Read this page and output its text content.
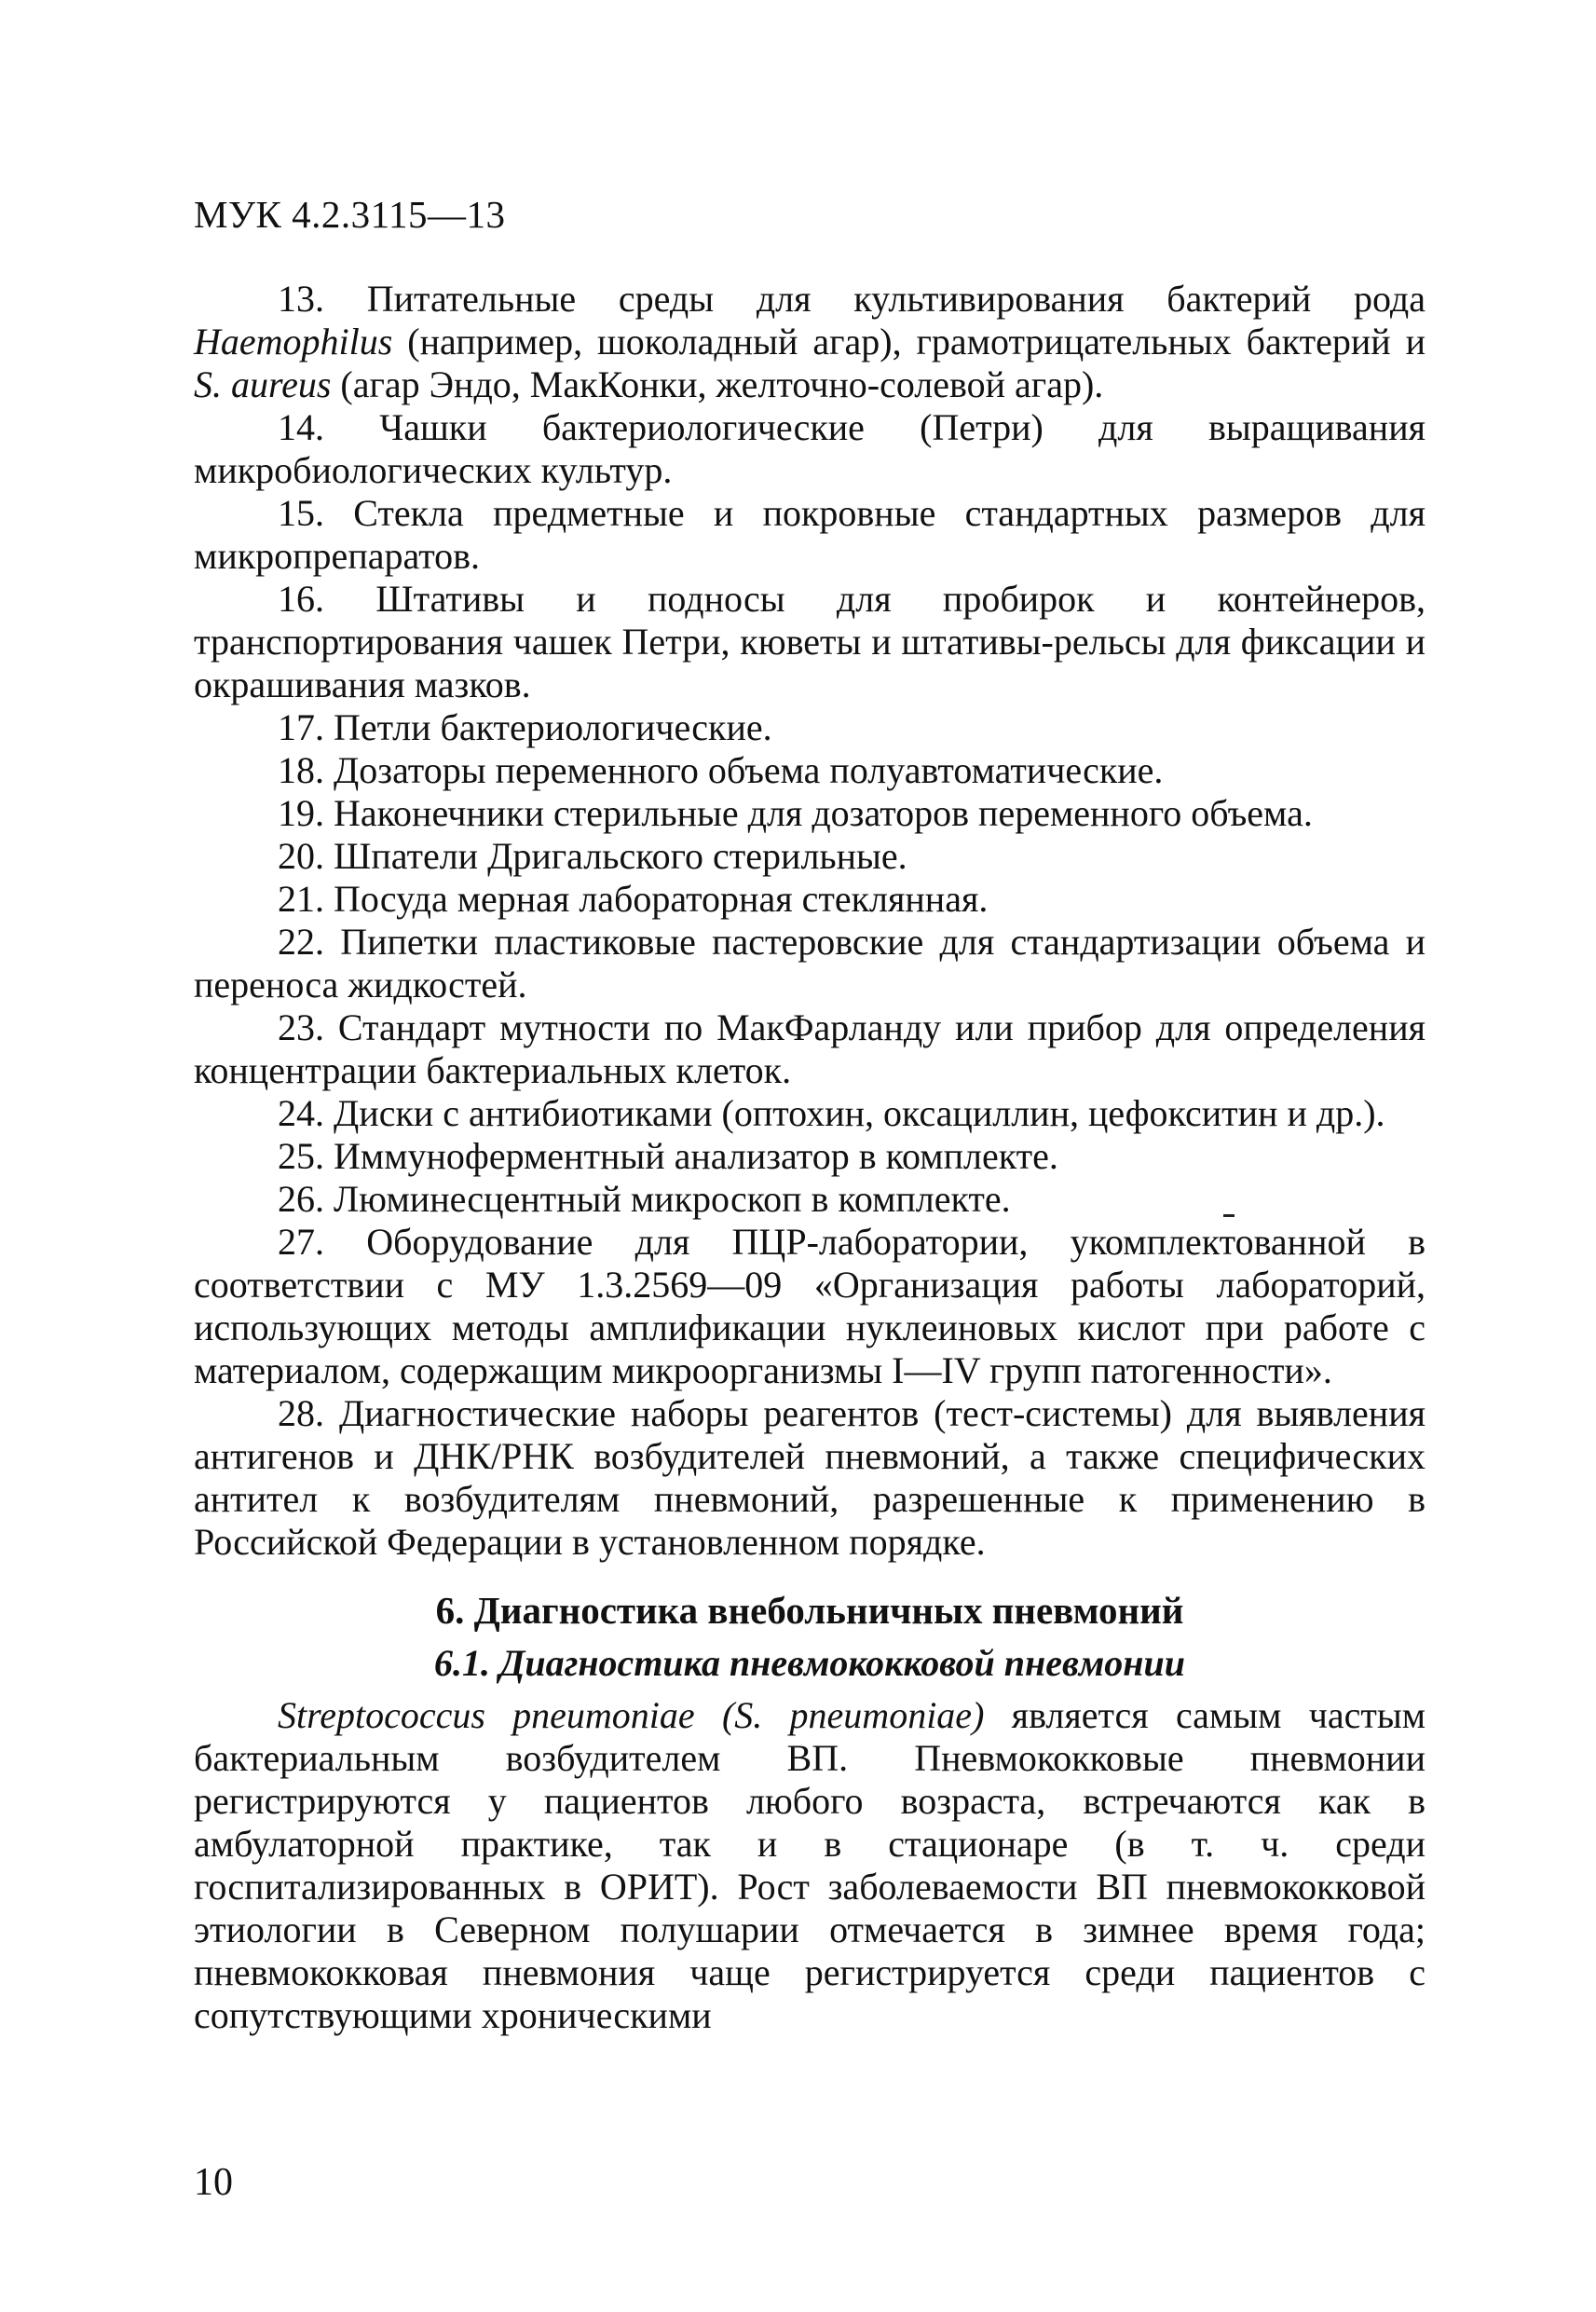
МУК 4.2.3115—13

13. Питательные среды для культивирования бактерий рода Haemophilus (например, шоколадный агар), грамотрицательных бактерий и S. aureus (агар Эндо, МакКонки, желточно-солевой агар).

14. Чашки бактериологические (Петри) для выращивания микробиологических культур.

15. Стекла предметные и покровные стандартных размеров для микропрепаратов.

16. Штативы и подносы для пробирок и контейнеров, транспортирования чашек Петри, кюветы и штативы-рельсы для фиксации и окрашивания мазков.

17. Петли бактериологические.

18. Дозаторы переменного объема полуавтоматические.

19. Наконечники стерильные для дозаторов переменного объема.

20. Шпатели Дригальского стерильные.

21. Посуда мерная лабораторная стеклянная.

22. Пипетки пластиковые пастеровские для стандартизации объема и переноса жидкостей.

23. Стандарт мутности по МакФарланду или прибор для определения концентрации бактериальных клеток.

24. Диски с антибиотиками (оптохин, оксациллин, цефокситин и др.).

25. Иммуноферментный анализатор в комплекте.

26. Люминесцентный микроскоп в комплекте.

27. Оборудование для ПЦР-лаборатории, укомплектованной в соответствии с МУ 1.3.2569—09 «Организация работы лабораторий, использующих методы амплификации нуклеиновых кислот при работе с материалом, содержащим микроорганизмы I—IV групп патогенности».

28. Диагностические наборы реагентов (тест-системы) для выявления антигенов и ДНК/РНК возбудителей пневмоний, а также специфических антител к возбудителям пневмоний, разрешенные к применению в Российской Федерации в установленном порядке.

6. Диагностика внебольничных пневмоний
6.1. Диагностика пневмококковой пневмонии

Streptococcus pneumoniae (S. pneumoniae) является самым частым бактериальным возбудителем ВП. Пневмококковые пневмонии регистрируются у пациентов любого возраста, встречаются как в амбулаторной практике, так и в стационаре (в т. ч. среди госпитализированных в ОРИТ). Рост заболеваемости ВП пневмококковой этиологии в Северном полушарии отмечается в зимнее время года; пневмококковая пневмония чаще регистрируется среди пациентов с сопутствующими хроническими

10
